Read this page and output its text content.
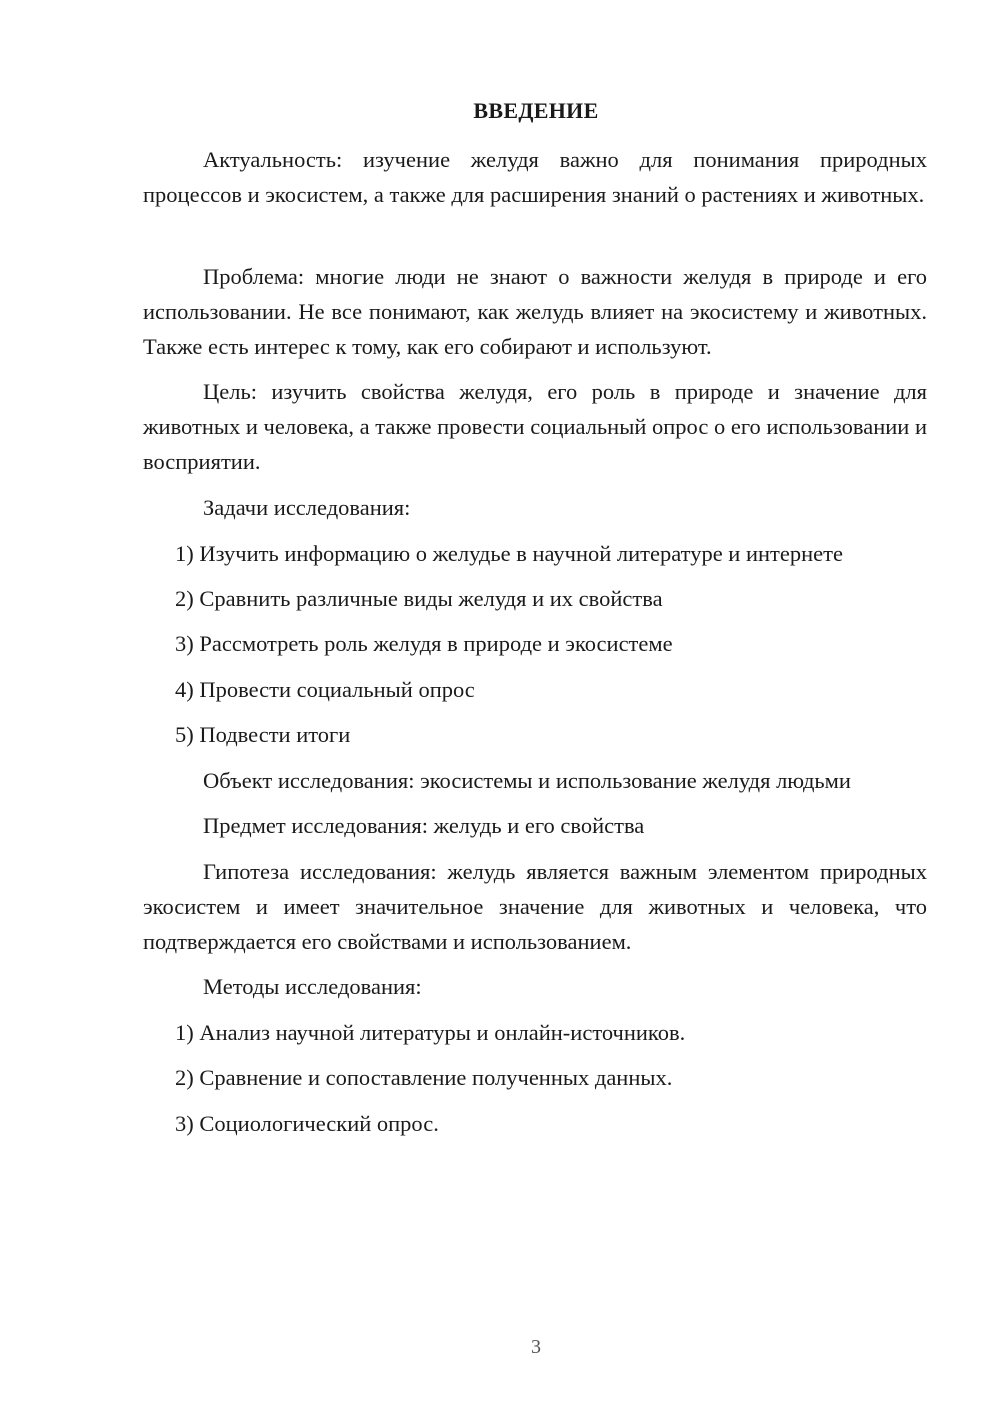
ВВЕДЕНИЕ

Актуальность: изучение желудя важно для понимания природных процессов и экосистем, а также для расширения знаний о растениях и животных.

Проблема: многие люди не знают о важности желудя в природе и его использовании. Не все понимают, как желудь влияет на экосистему и животных. Также есть интерес к тому, как его собирают и используют.

Цель: изучить свойства желудя, его роль в природе и значение для животных и человека, а также провести социальный опрос о его использовании и восприятии.

Задачи исследования:

1) Изучить информацию о желудье в научной литературе и интернете

2) Сравнить различные виды желудя и их свойства

3) Рассмотреть роль желудя в природе и экосистеме

4) Провести социальный опрос

5) Подвести итоги

Объект исследования: экосистемы и использование желудя людьми

Предмет исследования: желудь и его свойства

Гипотеза исследования: желудь является важным элементом природных экосистем и имеет значительное значение для животных и человека, что подтверждается его свойствами и использованием.

Методы исследования:

1) Анализ научной литературы и онлайн-источников.

2) Сравнение и сопоставление полученных данных.

3) Социологический опрос.

3
